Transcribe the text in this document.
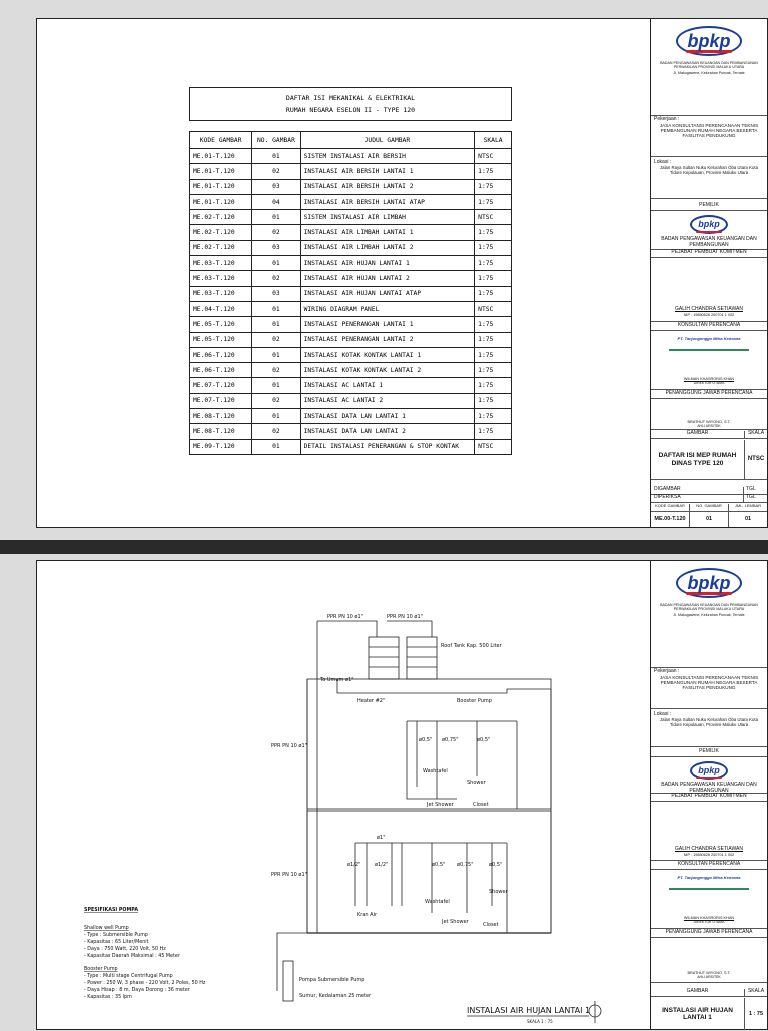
DAFTAR ISI MEKANIKAL & ELEKTRIKAL
RUMAH NEGARA ESELON II - TYPE 120
KODE GAMBAR	NO. GAMBAR	JUDUL GAMBAR	SKALA
ME.01-T.120	01	SISTEM INSTALASI AIR BERSIH	NTSC
ME.01-T.120	02	INSTALASI AIR BERSIH LANTAI 1	1:75
ME.01-T.120	03	INSTALASI AIR BERSIH LANTAI 2	1:75
ME.01-T.120	04	INSTALASI AIR BERSIH LANTAI ATAP	1:75
ME.02-T.120	01	SISTEM INSTALASI AIR LIMBAH	NTSC
ME.02-T.120	02	INSTALASI AIR LIMBAH LANTAI 1	1:75
ME.02-T.120	03	INSTALASI AIR LIMBAH LANTAI 2	1:75
ME.03-T.120	01	INSTALASI AIR HUJAN LANTAI 1	1:75
ME.03-T.120	02	INSTALASI AIR HUJAN LANTAI 2	1:75
ME.03-T.120	03	INSTALASI AIR HUJAN LANTAI ATAP	1:75
ME.04-T.120	01	WIRING DIAGRAM PANEL	NTSC
ME.05-T.120	01	INSTALASI PENERANGAN LANTAI 1	1:75
ME.05-T.120	02	INSTALASI PENERANGAN LANTAI 2	1:75
ME.06-T.120	01	INSTALASI KOTAK KONTAK LANTAI 1	1:75
ME.06-T.120	02	INSTALASI KOTAK KONTAK LANTAI 2	1:75
ME.07-T.120	01	INSTALASI AC LANTAI 1	1:75
ME.07-T.120	02	INSTALASI AC LANTAI 2	1:75
ME.08-T.120	01	INSTALASI DATA LAN LANTAI 1	1:75
ME.08-T.120	02	INSTALASI DATA LAN LANTAI 2	1:75
ME.09-T.120	01	DETAIL INSTALASI PENERANGAN & STOP KONTAK	NTSC
bpkp
BADAN PENGAWASAN KEUANGAN DAN PEMBANGUNAN PERWAKILAN PROVINSI MALUKU UTARA
Jl. Makugawene, Kelurahan Puncak, Ternate
Pekerjaan :
JASA KONSULTANSI PERENCANAAN TEKNIS PEMBANGUNAN RUMAH NEGARA BESERTA FASILITAS PENDUKUNG
Lokasi :
Jalan Raya Sultan Nuku Kelurahan Oba Utara Kota Tidore Kepulauan, Provinsi Maluku Utara
PEMILIK
bpkp
BADAN PENGAWASAN KEUANGAN DAN PEMBANGUNAN
PEJABAT PEMBUAT KOMITMEN
GALIH CHANDRA SETIAWAN
NIP : 19850626 200701 1 002
KONSULTAN PERENCANA
PT. Tanjungenggo Mitra Kencana
WILMAN KHASRORIS KHAN
DIREKTUR UTAMA
PENANGGUNG JAWAB PERENCANA
BRATHUT WIYONO, S.T.
AHLI ARSITEK
GAMBAR	SKALA
DAFTAR ISI MEP RUMAH DINAS TYPE 120
NTSC
DIGAMBAR	TGL
DIPERIKSA	TGL
KODE GAMBAR	NO. GAMBAR	JML. LEMBAR
ME.00-T.120	01	01
PPR PN 10 ø1"	PPR PN 10 ø1"
PPR PN 10 ø1"
PPR PN 10 ø1"
Roof Tank Kap. 500 Liter
To Umum ø1"
Heater #2"	Booster Pump
Washtafel
Shower
Jet Shower	Closet
Kran Air
Washtafel
Shower
Jet Shower	Closet
ø0,5" ø0,75"	ø0,5"
ø1"
ø1/2"	ø1/2"	ø0,5" ø0,75"	ø0,5"
Pompa Submersible Pump
Sumur, Kedalaman 25 meter
SPESIFIKASI POMPA
Shallow well Pump
- Type : Submersible Pump
- Kapasitas : 65 Liter/Menit
- Daya : 750 Watt, 220 Volt, 50 Hz
- Kapasitas Daerah Maksimal : 45 Meter
Booster Pump
- Type : Multi stage Centrifugal Pump
- Power : 250 W, 3 phase - 220 Volt, 2 Poles, 50 Hz
- Daya Hisap : 8 m, Daya Dorong : 36 meter
- Kapasitas : 35 lpm
INSTALASI AIR HUJAN LANTAI 1
SKALA 1 : 75
bpkp
BADAN PENGAWASAN KEUANGAN DAN PEMBANGUNAN PERWAKILAN PROVINSI MALUKU UTARA
Jl. Makugawene, Kelurahan Puncak, Ternate
Pekerjaan :
JASA KONSULTANSI PERENCANAAN TEKNIS PEMBANGUNAN RUMAH NEGARA BESERTA FASILITAS PENDUKUNG
Lokasi :
Jalan Raya Sultan Nuku Kelurahan Oba Utara Kota Tidore Kepulauan, Provinsi Maluku Utara
PEMILIK
bpkp
BADAN PENGAWASAN KEUANGAN DAN PEMBANGUNAN
PEJABAT PEMBUAT KOMITMEN
GALIH CHANDRA SETIAWAN
NIP : 19850626 200701 1 002
KONSULTAN PERENCANA
PT. Tanjungenggo Mitra Kencana
WILMAN KHASRORIS KHAN
DIREKTUR UTAMA
PENANGGUNG JAWAB PERENCANA
BRATHUT WIYONO, S.T.
AHLI ARSITEK
GAMBAR	SKALA
INSTALASI AIR HUJAN LANTAI 1
1 : 75
